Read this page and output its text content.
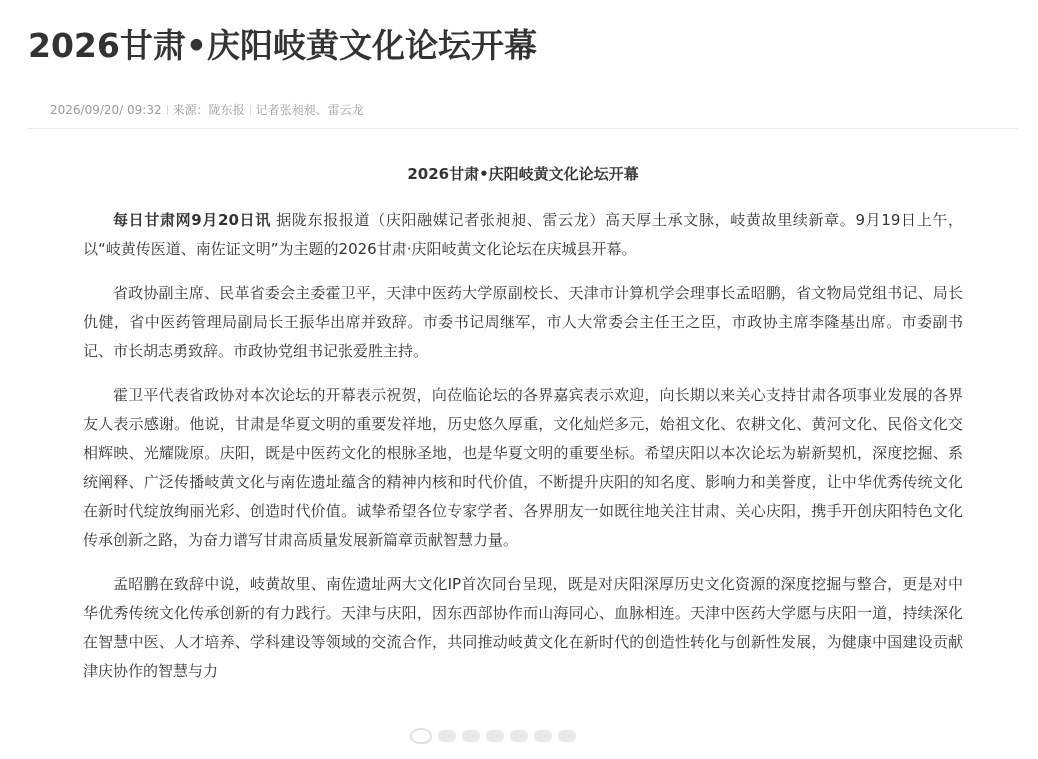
2026甘肃•庆阳岐黄文化论坛开幕
2026/09/20/ 09:32 来源：陇东报 记者张昶昶、雷云龙
2026甘肃•庆阳岐黄文化论坛开幕

每日甘肃网9月20日讯 据陇东报报道（庆阳融媒记者张昶昶、雷云龙）高天厚土承文脉，岐黄故里续新章。9月19日上午，以“岐黄传医道、南佐证文明”为主题的2026甘肃·庆阳岐黄文化论坛在庆城县开幕。

省政协副主席、民革省委会主委霍卫平，天津中医药大学原副校长、天津市计算机学会理事长孟昭鹏，省文物局党组书记、局长仇健，省中医药管理局副局长王振华出席并致辞。市委书记周继军，市人大常委会主任王之臣，市政协主席李隆基出席。市委副书记、市长胡志勇致辞。市政协党组书记张爱胜主持。

霍卫平代表省政协对本次论坛的开幕表示祝贺，向莅临论坛的各界嘉宾表示欢迎，向长期以来关心支持甘肃各项事业发展的各界友人表示感谢。他说，甘肃是华夏文明的重要发祥地，历史悠久厚重，文化灿烂多元，始祖文化、农耕文化、黄河文化、民俗文化交相辉映、光耀陇原。庆阳，既是中医药文化的根脉圣地，也是华夏文明的重要坐标。希望庆阳以本次论坛为崭新契机，深度挖掘、系统阐释、广泛传播岐黄文化与南佐遗址蕴含的精神内核和时代价值，不断提升庆阳的知名度、影响力和美誉度，让中华优秀传统文化在新时代绽放绚丽光彩、创造时代价值。诚挚希望各位专家学者、各界朋友一如既往地关注甘肃、关心庆阳，携手开创庆阳特色文化传承创新之路，为奋力谱写甘肃高质量发展新篇章贡献智慧力量。

孟昭鹏在致辞中说，岐黄故里、南佐遗址两大文化IP首次同台呈现，既是对庆阳深厚历史文化资源的深度挖掘与整合，更是对中华优秀传统文化传承创新的有力践行。天津与庆阳，因东西部协作而山海同心、血脉相连。天津中医药大学愿与庆阳一道，持续深化在智慧中医、人才培养、学科建设等领域的交流合作，共同推动岐黄文化在新时代的创造性转化与创新性发展，为健康中国建设贡献津庆协作的智慧与力
